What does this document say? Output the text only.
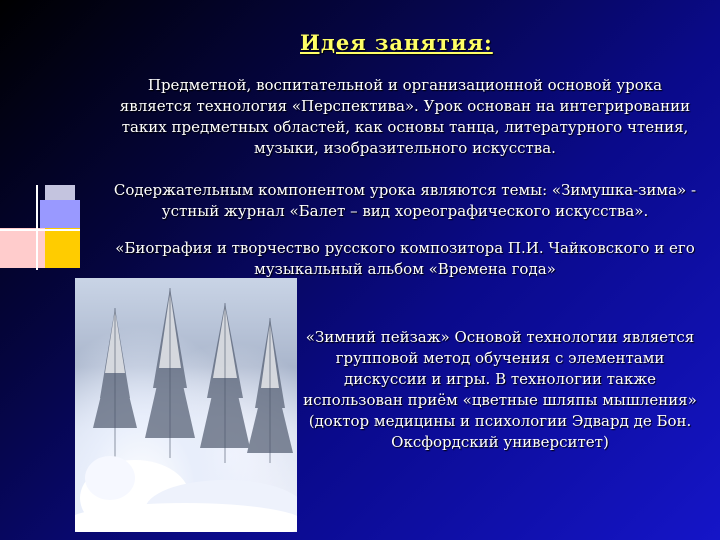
Идея занятия:
Предметной, воспитательной и организационной основой урока является технология «Перспектива». Урок основан на интегрировании таких предметных областей, как основы танца, литературного чтения, музыки, изобразительного искусства.
Содержательным компонентом урока являются темы: «Зимушка-зима» - устный журнал «Балет – вид хореографического искусства».
«Биография и творчество русского композитора П.И. Чайковского и его музыкальный альбом «Времена года»
«Зимний пейзаж» Основой технологии является групповой метод обучения с элементами дискуссии и игры. В технологии также использован приём «цветные шляпы мышления» (доктор медицины и психологии Эдвард де Бон. Оксфордский университет)
